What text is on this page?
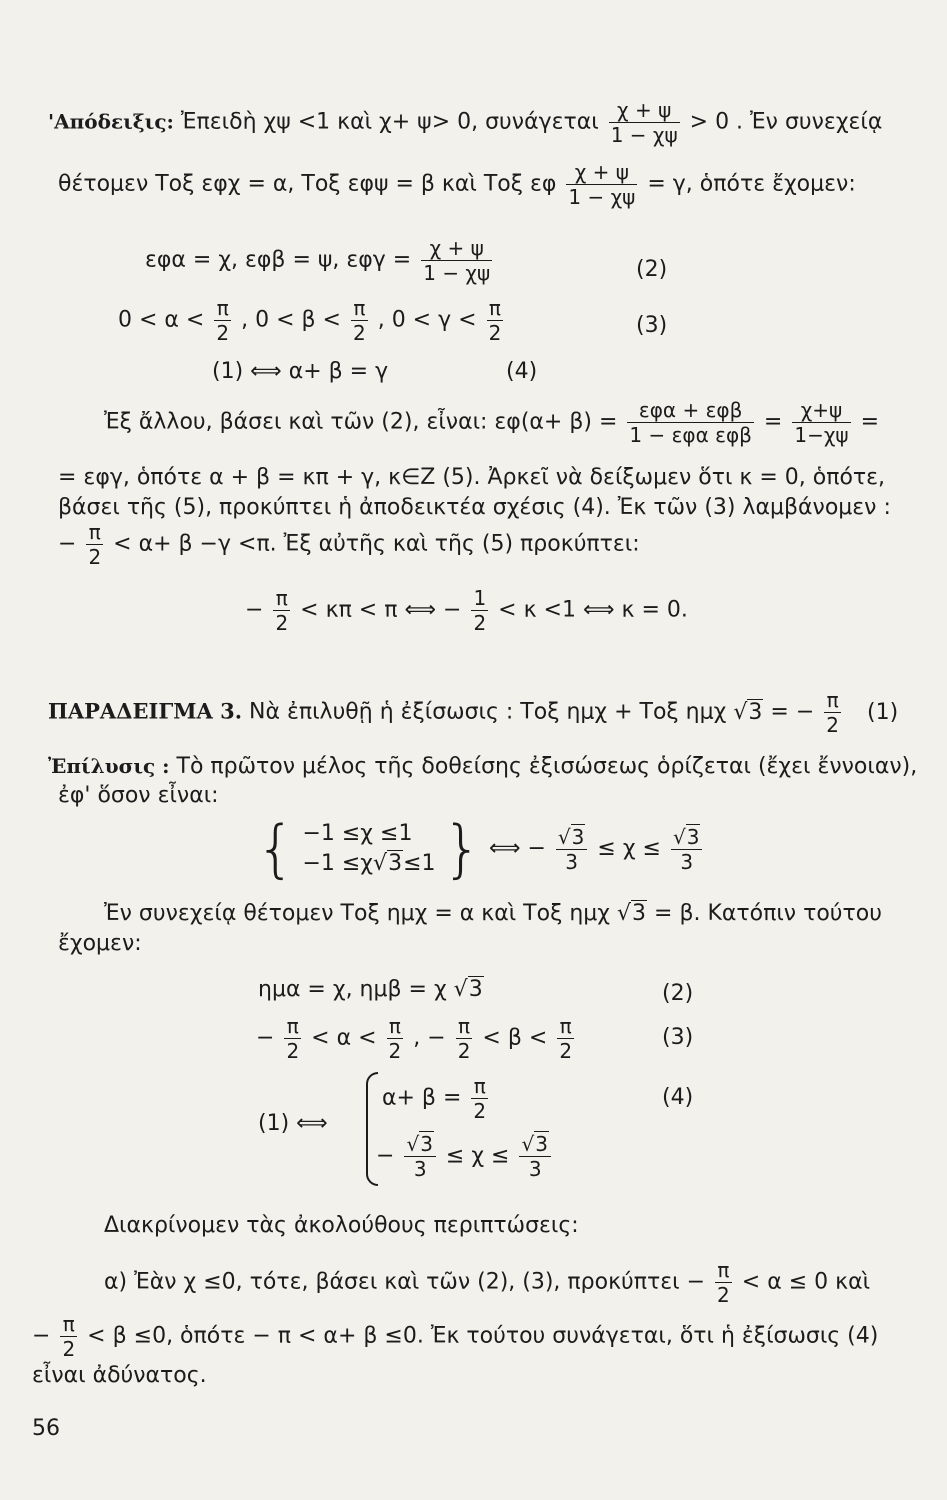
'Απόδειξις: Ἐπειδὴ χψ <1 καὶ χ+ ψ> 0, συνάγεται $\frac{\chi + \psi}{1 - \chi\psi} > 0$ . Ἐν συνεχείᾳ
θέτομεν Τοξ εφχ = α, Τοξ εφψ = β καὶ Τοξ εφ $\frac{\chi + \psi}{1 - \chi\psi} = \gamma$, ὁπότε ἔχομεν:
εφα = χ, εφβ = ψ, $\varepsilon\varphi\gamma = \frac{\chi + \psi}{1 - \chi\psi}$	(2)
$0 < \alpha < \frac{\pi}{2}$ , $0 < \beta < \frac{\pi}{2}$ , $0 < \gamma < \frac{\pi}{2}$	(3)
(1) ⟺ α+ β = γ	(4)
Ἐξ ἄλλου, βάσει καὶ τῶν (2), εἶναι: $\varepsilon\varphi(\alpha+ \beta) = \frac{\text{εφα + εφβ}}{\text{1 − εφα εφβ}} = \frac{\chi+\psi}{1-\chi\psi}$ =
= εφγ, ὁπότε α + β = κπ + γ, κ∈Ζ (5). Ἀρκεῖ νὰ δείξωμεν ὅτι κ = 0, ὁπότε,
βάσει τῆς (5), προκύπτει ἡ ἀποδεικτέα σχέσις (4). Ἐκ τῶν (3) λαμβάνομεν :
− $\frac{\pi}{2} < \alpha+ \beta -\gamma <\pi$. Ἐξ αὐτῆς καὶ τῆς (5) προκύπτει:
− $\frac{\pi}{2} < \kappa\pi < \pi$ ⟺ − $\frac{1}{2} < \kappa <1$ ⟺ κ = 0.
ΠΑΡΑΔΕΙΓΜΑ 3. Νὰ ἐπιλυθῇ ἡ ἐξίσωσις : Τοξ ημχ + Τοξ ημχ √3 = − $\frac{\pi}{2} (1)$
Ἐπίλυσις : Τὸ πρῶτον μέλος τῆς δοθείσης ἐξισώσεως ὁρίζεται (ἔχει ἔννοιαν),
ἐφ' ὅσον εἶναι:
{ −1 ≤χ ≤1
−1 ≤χ√3≤1 } ⟺ − $\frac{√3}{3} \le \chi \le \frac{√3}{3}$
Ἐν συνεχείᾳ θέτομεν Τοξ ημχ = α καὶ Τοξ ημχ √3 = β. Κατόπιν τούτου
ἔχομεν:
ημα = χ, ημβ = χ √3	(2)
− $\frac{\pi}{2} < \alpha < \frac{\pi}{2}$ , − $\frac{\pi}{2} < \beta < \frac{\pi}{2}$	(3)
(1) ⟺
$\alpha+ \beta = \frac{\pi}{2}$	(4)
− $\frac{√3}{3} \le \chi \le \frac{√3}{3}$
Διακρίνομεν τὰς ἀκολούθους περιπτώσεις:
α) Ἐὰν χ ≤0, τότε, βάσει καὶ τῶν (2), (3), $\pi\rho o\kappa ύ\pi\tau\varepsilon\iota - \frac{\pi}{2} < \alpha \le 0$ καὶ
− $\frac{\pi}{2} < \beta \le 0$, ὁπότε − π < α+ β ≤0. Ἐκ τούτου συνάγεται, ὅτι ἡ ἐξίσωσις (4)
εἶναι ἀδύνατος.
56
